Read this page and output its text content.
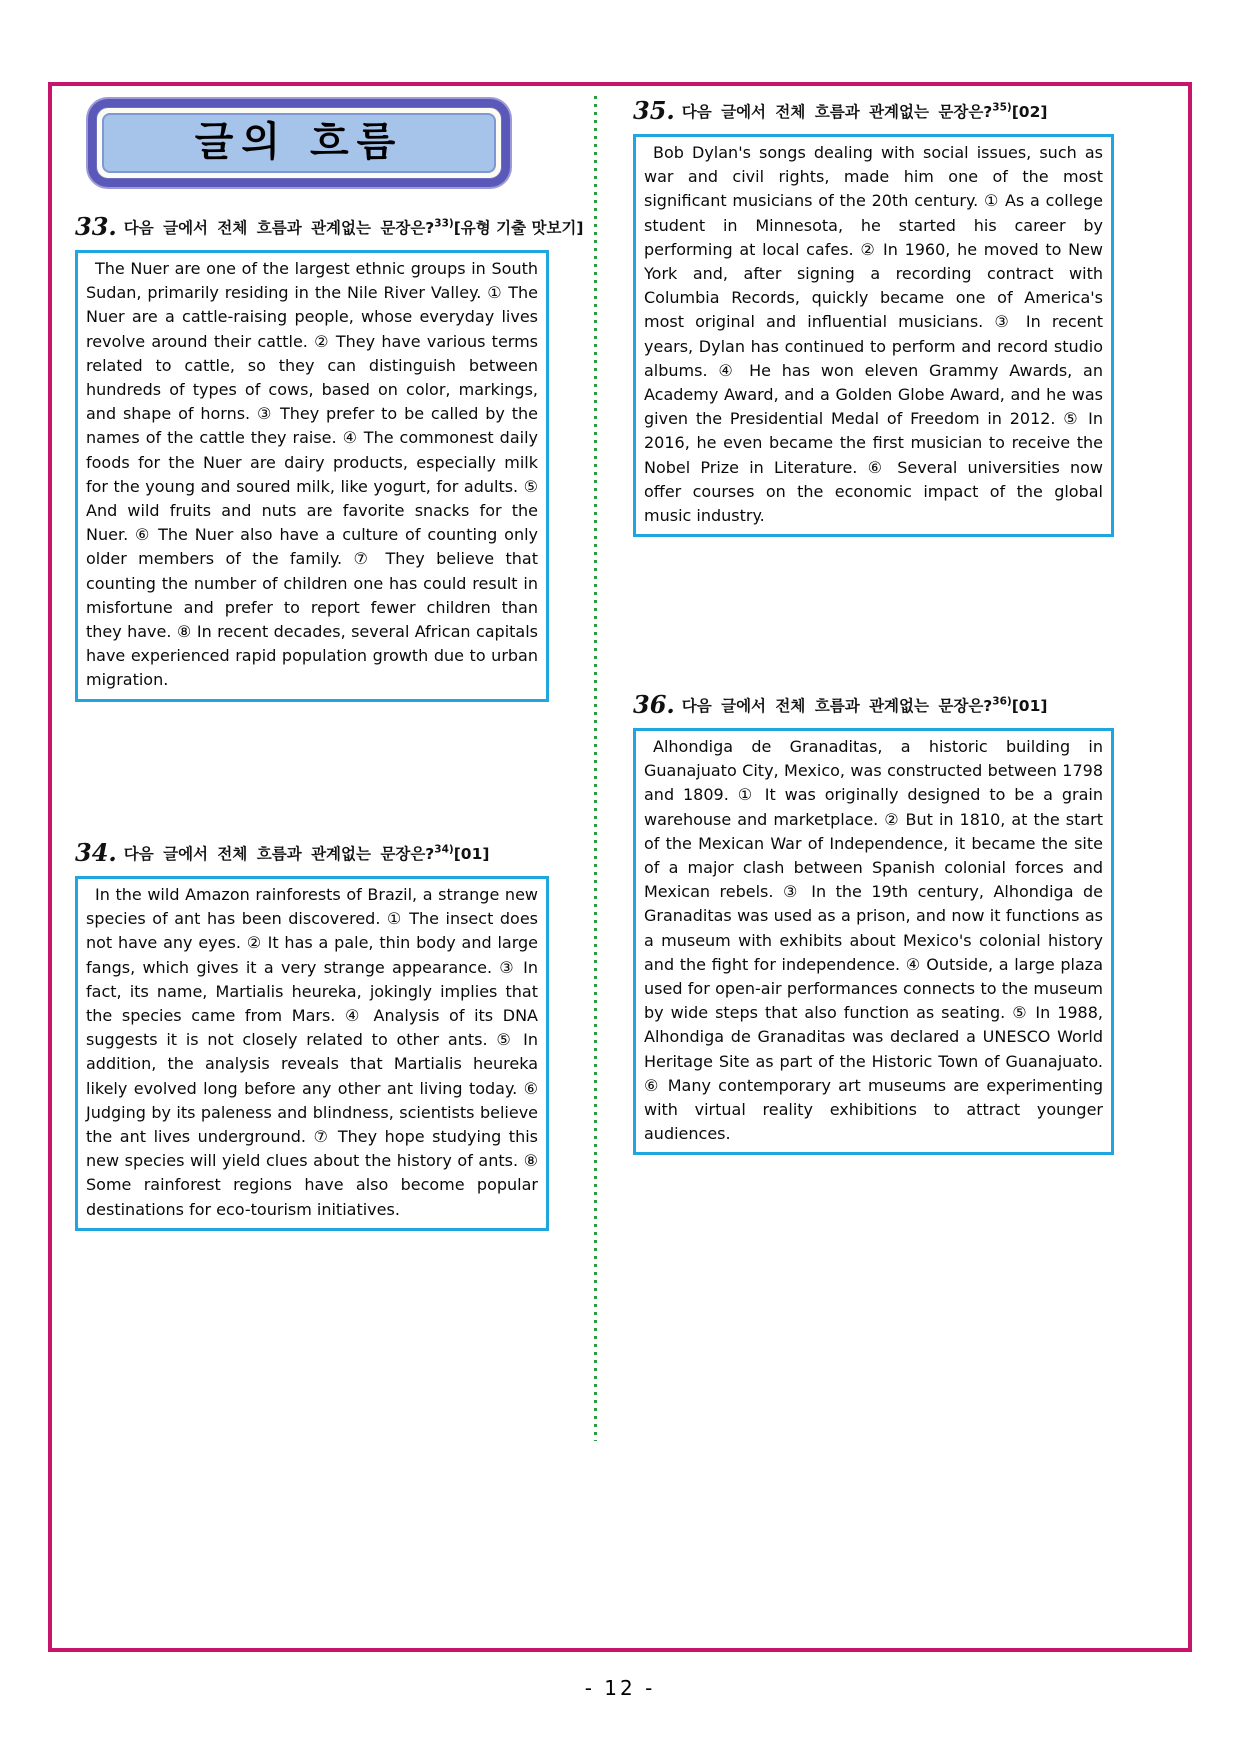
글의 흐름
33. 다음 글에서 전체 흐름과 관계없는 문장은?$^{33)}$[유형 기출 맛보기]
The Nuer are one of the largest ethnic groups in South Sudan, primarily residing in the Nile River Valley. ① The Nuer are a cattle-raising people, whose everyday lives revolve around their cattle. ② They have various terms related to cattle, so they can distinguish between hundreds of types of cows, based on color, markings, and shape of horns. ③ They prefer to be called by the names of the cattle they raise. ④ The commonest daily foods for the Nuer are dairy products, especially milk for the young and soured milk, like yogurt, for adults. ⑤ And wild fruits and nuts are favorite snacks for the Nuer. ⑥ The Nuer also have a culture of counting only older members of the family. ⑦ They believe that counting the number of children one has could result in misfortune and prefer to report fewer children than they have. ⑧ In recent decades, several African capitals have experienced rapid population growth due to urban migration.
34. 다음 글에서 전체 흐름과 관계없는 문장은?$^{34)}$[01]
In the wild Amazon rainforests of Brazil, a strange new species of ant has been discovered. ① The insect does not have any eyes. ② It has a pale, thin body and large fangs, which gives it a very strange appearance. ③ In fact, its name, Martialis heureka, jokingly implies that the species came from Mars. ④ Analysis of its DNA suggests it is not closely related to other ants. ⑤ In addition, the analysis reveals that Martialis heureka likely evolved long before any other ant living today. ⑥ Judging by its paleness and blindness, scientists believe the ant lives underground. ⑦ They hope studying this new species will yield clues about the history of ants. ⑧ Some rainforest regions have also become popular destinations for eco-tourism initiatives.
35. 다음 글에서 전체 흐름과 관계없는 문장은?$^{35)}$[02]
Bob Dylan's songs dealing with social issues, such as war and civil rights, made him one of the most significant musicians of the 20th century. ① As a college student in Minnesota, he started his career by performing at local cafes. ② In 1960, he moved to New York and, after signing a recording contract with Columbia Records, quickly became one of America's most original and influential musicians. ③ In recent years, Dylan has continued to perform and record studio albums. ④ He has won eleven Grammy Awards, an Academy Award, and a Golden Globe Award, and he was given the Presidential Medal of Freedom in 2012. ⑤ In 2016, he even became the first musician to receive the Nobel Prize in Literature. ⑥ Several universities now offer courses on the economic impact of the global music industry.
36. 다음 글에서 전체 흐름과 관계없는 문장은?$^{36)}$[01]
Alhondiga de Granaditas, a historic building in Guanajuato City, Mexico, was constructed between 1798 and 1809. ① It was originally designed to be a grain warehouse and marketplace. ② But in 1810, at the start of the Mexican War of Independence, it became the site of a major clash between Spanish colonial forces and Mexican rebels. ③ In the 19th century, Alhondiga de Granaditas was used as a prison, and now it functions as a museum with exhibits about Mexico's colonial history and the fight for independence. ④ Outside, a large plaza used for open-air performances connects to the museum by wide steps that also function as seating. ⑤ In 1988, Alhondiga de Granaditas was declared a UNESCO World Heritage Site as part of the Historic Town of Guanajuato. ⑥ Many contemporary art museums are experimenting with virtual reality exhibitions to attract younger audiences.
- 12 -
